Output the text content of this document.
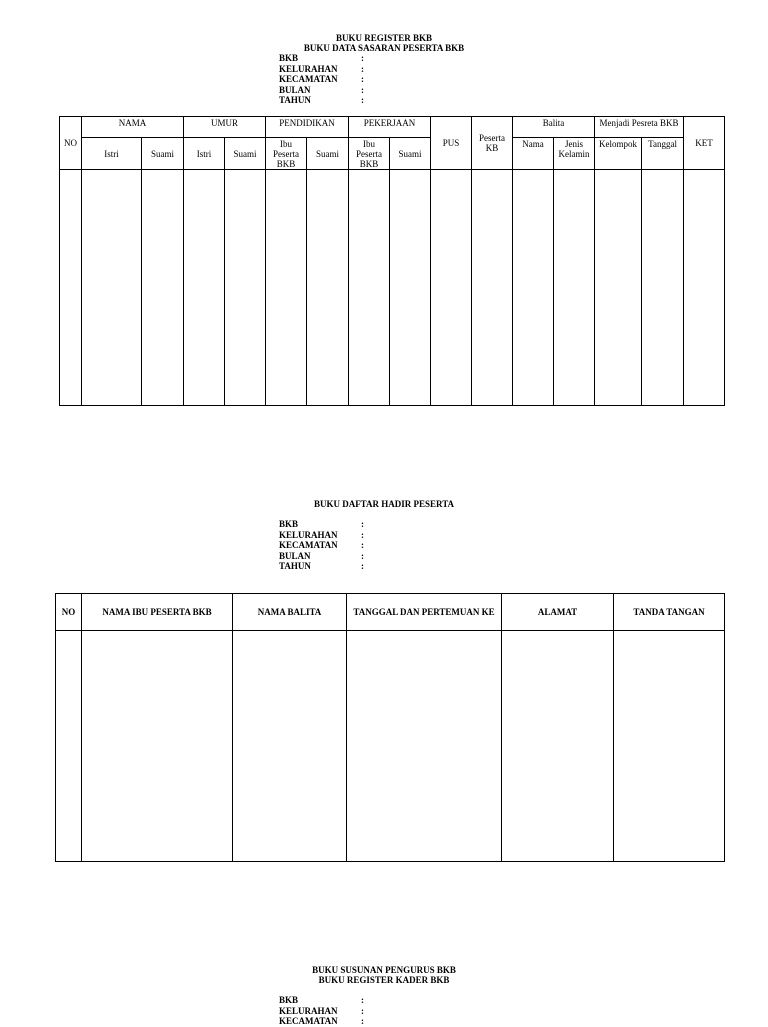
BUKU REGISTER BKB
BUKU DATA SASARAN PESERTA BKB
BKB	:
KELURAHAN	:
KECAMATAN	:
BULAN	:
TAHUN	:
NO	NAMA		UMUR		PENDIDIKAN		PEKERJAAN		PUS	Peserta KB	Balita		Menjadi Pesreta BKB		KET
	Istri	Suami	Istri	Suami	Ibu Peserta BKB	Suami	Ibu Peserta BKB	Suami			Nama	Jenis Kelamin	Kelompok	Tanggal	

BUKU DAFTAR HADIR PESERTA
BKB	:
KELURAHAN	:
KECAMATAN	:
BULAN	:
TAHUN	:
NO	NAMA IBU PESERTA BKB	NAMA BALITA	TANGGAL DAN PERTEMUAN KE	ALAMAT	TANDA TANGAN

BUKU SUSUNAN PENGURUS BKB
BUKU REGISTER KADER BKB
BKB	:
KELURAHAN	:
KECAMATAN	:
